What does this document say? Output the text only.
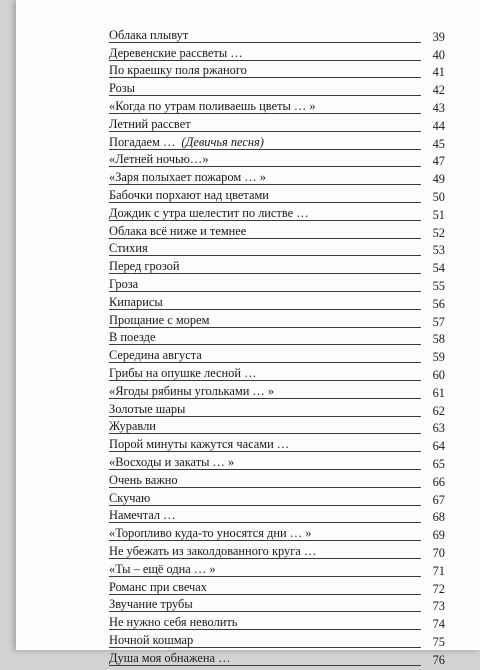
Облака плывут	39
Деревенские рассветы …	40
По краешку поля ржаного	41
Розы	42
«Когда по утрам поливаешь цветы … »	43
Летний рассвет	44
Погадаем … (Девичья песня)	45
«Летней ночью…»	47
«Заря полыхает пожаром … »	49
Бабочки порхают над цветами	50
Дождик с утра шелестит по листве …	51
Облака всё ниже и темнее	52
Стихия	53
Перед грозой	54
Гроза	55
Кипарисы	56
Прощание с морем	57
В поезде	58
Середина августа	59
Грибы на опушке лесной …	60
«Ягоды рябины угольками … »	61
Золотые шары	62
Журавли	63
Порой минуты кажутся часами …	64
«Восходы и закаты … »	65
Очень важно	66
Скучаю	67
Намечтал …	68
«Торопливо куда-то уносятся дни … »	69
Не убежать из заколдованного круга …	70
«Ты – ещё одна … »	71
Романс при свечах	72
Звучание трубы	73
Не нужно себя неволить	74
Ночной кошмар	75
Душа моя обнажена …	76
